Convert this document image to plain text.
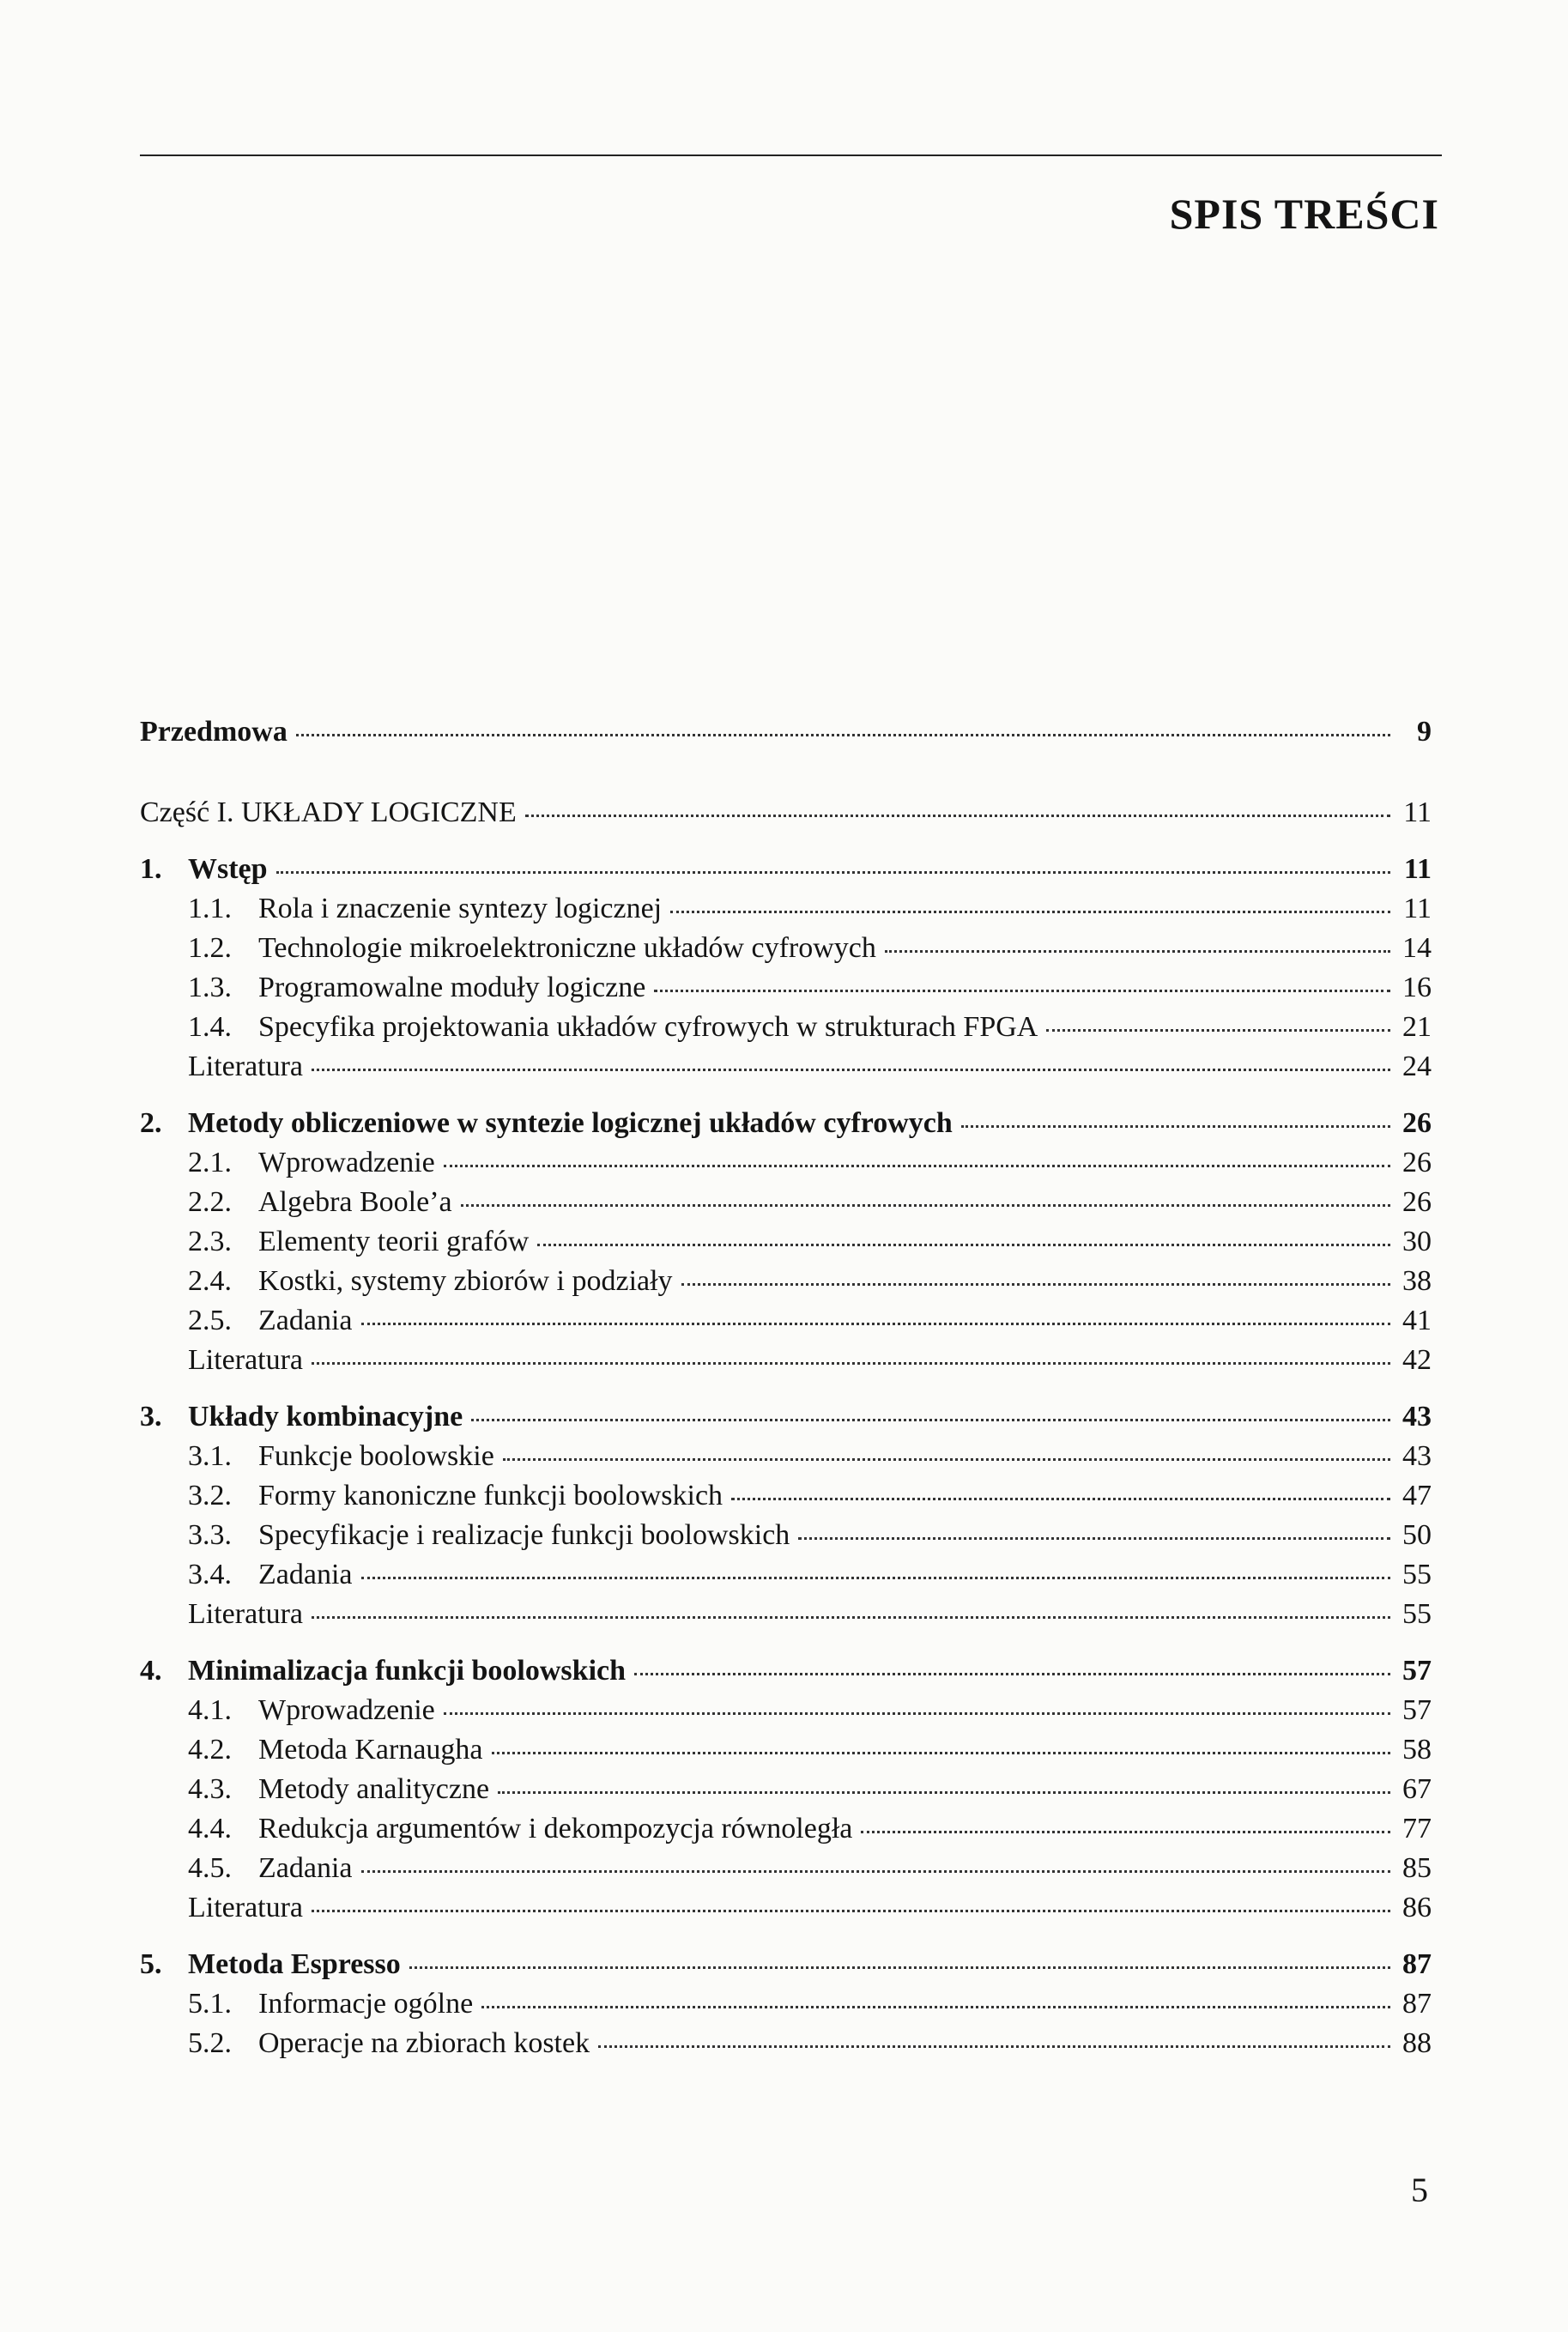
SPIS TREŚCI
Przedmowa	9
Część I. UKŁADY LOGICZNE	11
1. Wstęp	11
1.1. Rola i znaczenie syntezy logicznej	11
1.2. Technologie mikroelektroniczne układów cyfrowych	14
1.3. Programowalne moduły logiczne	16
1.4. Specyfika projektowania układów cyfrowych w strukturach FPGA	21
Literatura	24
2. Metody obliczeniowe w syntezie logicznej układów cyfrowych	26
2.1. Wprowadzenie	26
2.2. Algebra Boole’a	26
2.3. Elementy teorii grafów	30
2.4. Kostki, systemy zbiorów i podziały	38
2.5. Zadania	41
Literatura	42
3. Układy kombinacyjne	43
3.1. Funkcje boolowskie	43
3.2. Formy kanoniczne funkcji boolowskich	47
3.3. Specyfikacje i realizacje funkcji boolowskich	50
3.4. Zadania	55
Literatura	55
4. Minimalizacja funkcji boolowskich	57
4.1. Wprowadzenie	57
4.2. Metoda Karnaugha	58
4.3. Metody analityczne	67
4.4. Redukcja argumentów i dekompozycja równoległa	77
4.5. Zadania	85
Literatura	86
5. Metoda Espresso	87
5.1. Informacje ogólne	87
5.2. Operacje na zbiorach kostek	88
5
